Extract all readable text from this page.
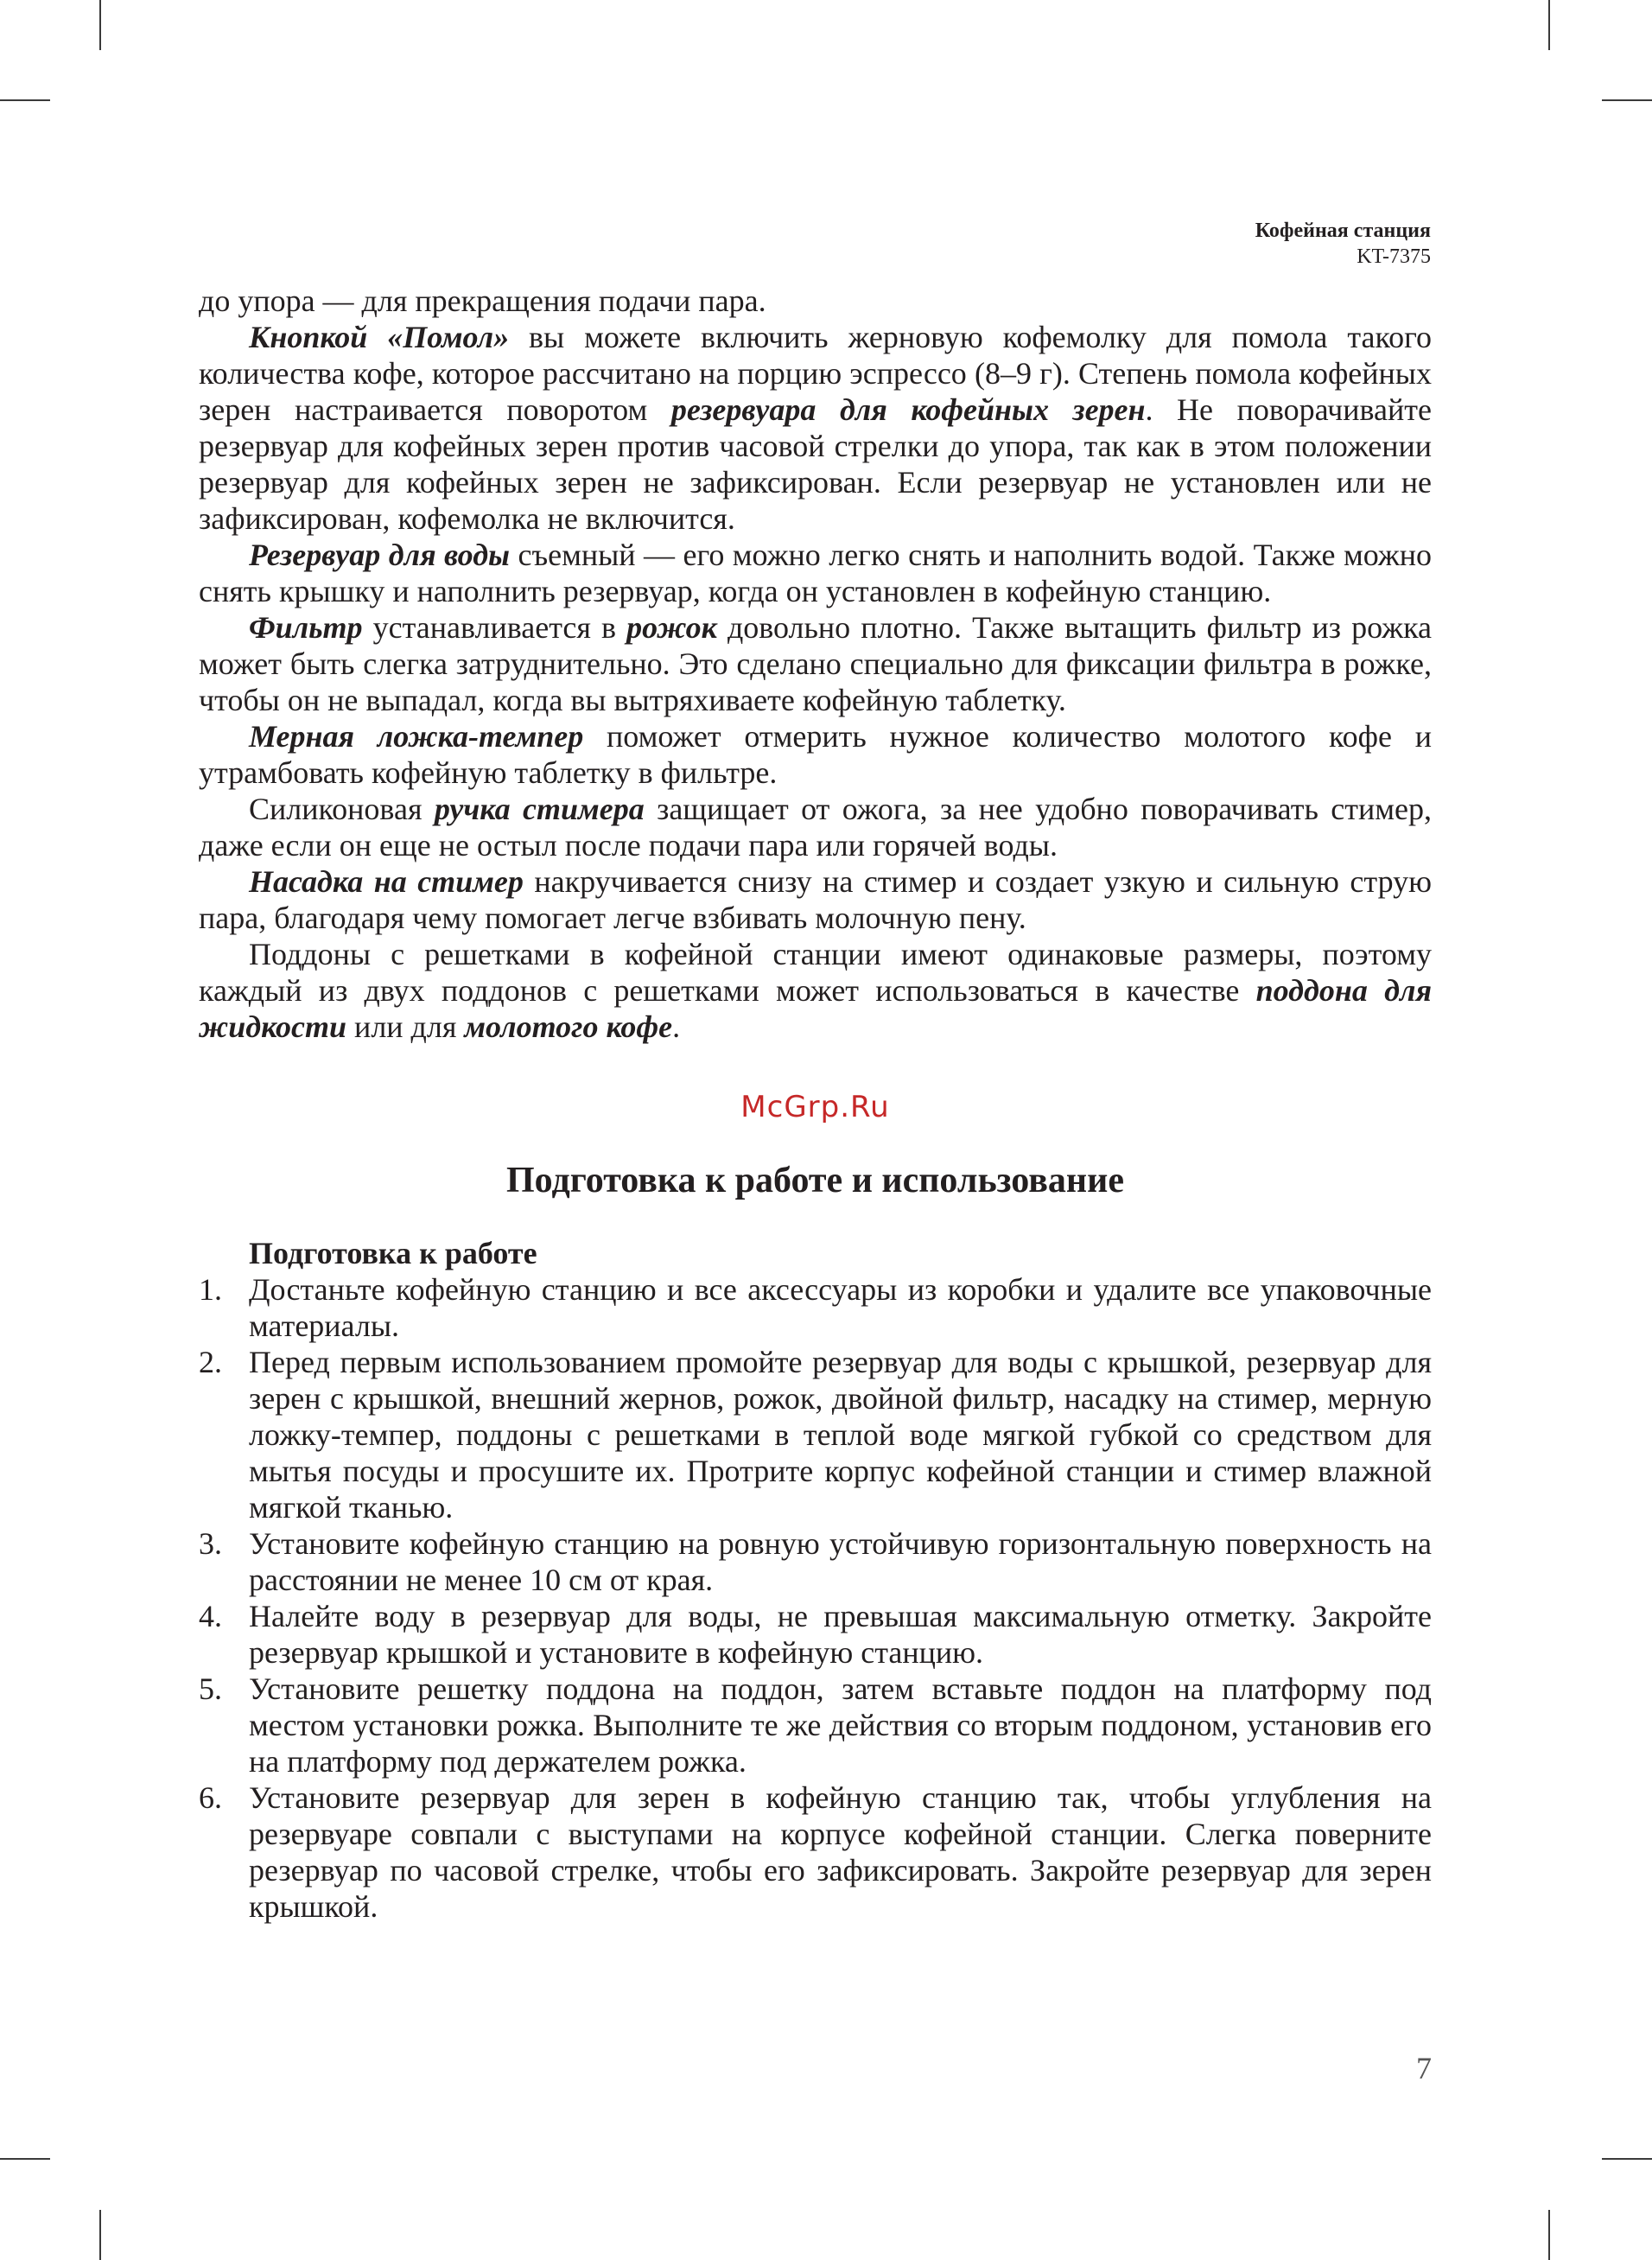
Кофейная станция
KT-7375

до упора — для прекращения подачи пара.

Кнопкой «Помол» вы можете включить жерновую кофемолку для помола такого количества кофе, которое рассчитано на порцию эспрессо (8–9 г). Степень помола кофейных зерен настраивается поворотом резервуара для кофейных зерен. Не поворачивайте резервуар для кофейных зерен против часовой стрелки до упора, так как в этом положении резервуар для кофейных зерен не зафиксирован. Если резервуар не установлен или не зафиксирован, кофемолка не включится.

Резервуар для воды съемный — его можно легко снять и наполнить водой. Также можно снять крышку и наполнить резервуар, когда он установлен в кофейную станцию.

Фильтр устанавливается в рожок довольно плотно. Также вытащить фильтр из рожка может быть слегка затруднительно. Это сделано специально для фиксации фильтра в рожке, чтобы он не выпадал, когда вы вытряхиваете кофейную таблетку.

Мерная ложка-темпер поможет отмерить нужное количество молотого кофе и утрамбовать кофейную таблетку в фильтре.

Силиконовая ручка стимера защищает от ожога, за нее удобно поворачивать стимер, даже если он еще не остыл после подачи пара или горячей воды.

Насадка на стимер накручивается снизу на стимер и создает узкую и сильную струю пара, благодаря чему помогает легче взбивать молочную пену.

Поддоны с решетками в кофейной станции имеют одинаковые размеры, поэтому каждый из двух поддонов с решетками может использоваться в качестве поддона для жидкости или для молотого кофе.

McGrp.Ru
Подготовка к работе и использование
Подготовка к работе
1. Достаньте кофейную станцию и все аксессуары из коробки и удалите все упаковочные материалы.
2. Перед первым использованием промойте резервуар для воды с крышкой, резервуар для зерен с крышкой, внешний жернов, рожок, двойной фильтр, насадку на стимер, мерную ложку-темпер, поддоны с решетками в теплой воде мягкой губкой со средством для мытья посуды и просушите их. Протрите корпус кофейной станции и стимер влажной мягкой тканью.
3. Установите кофейную станцию на ровную устойчивую горизонтальную поверхность на расстоянии не менее 10 см от края.
4. Налейте воду в резервуар для воды, не превышая максимальную отметку. Закройте резервуар крышкой и установите в кофейную станцию.
5. Установите решетку поддона на поддон, затем вставьте поддон на платформу под местом установки рожка. Выполните те же действия со вторым поддоном, установив его на платформу под держателем рожка.
6. Установите резервуар для зерен в кофейную станцию так, чтобы углубления на резервуаре совпали с выступами на корпусе кофейной станции. Слегка поверните резервуар по часовой стрелке, чтобы его зафиксировать. Закройте резервуар для зерен крышкой.
7
